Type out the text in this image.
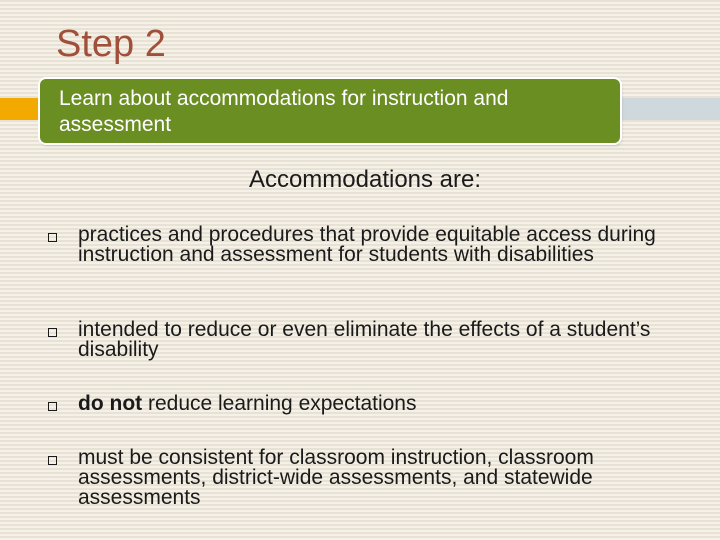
Step 2
Learn about accommodations for instruction and assessment
Accommodations are:
practices and procedures that provide equitable access during instruction and assessment for students with disabilities
intended to reduce or even eliminate the effects of a student’s disability
do not reduce learning expectations
must be consistent for classroom instruction, classroom assessments, district-wide assessments, and statewide assessments
